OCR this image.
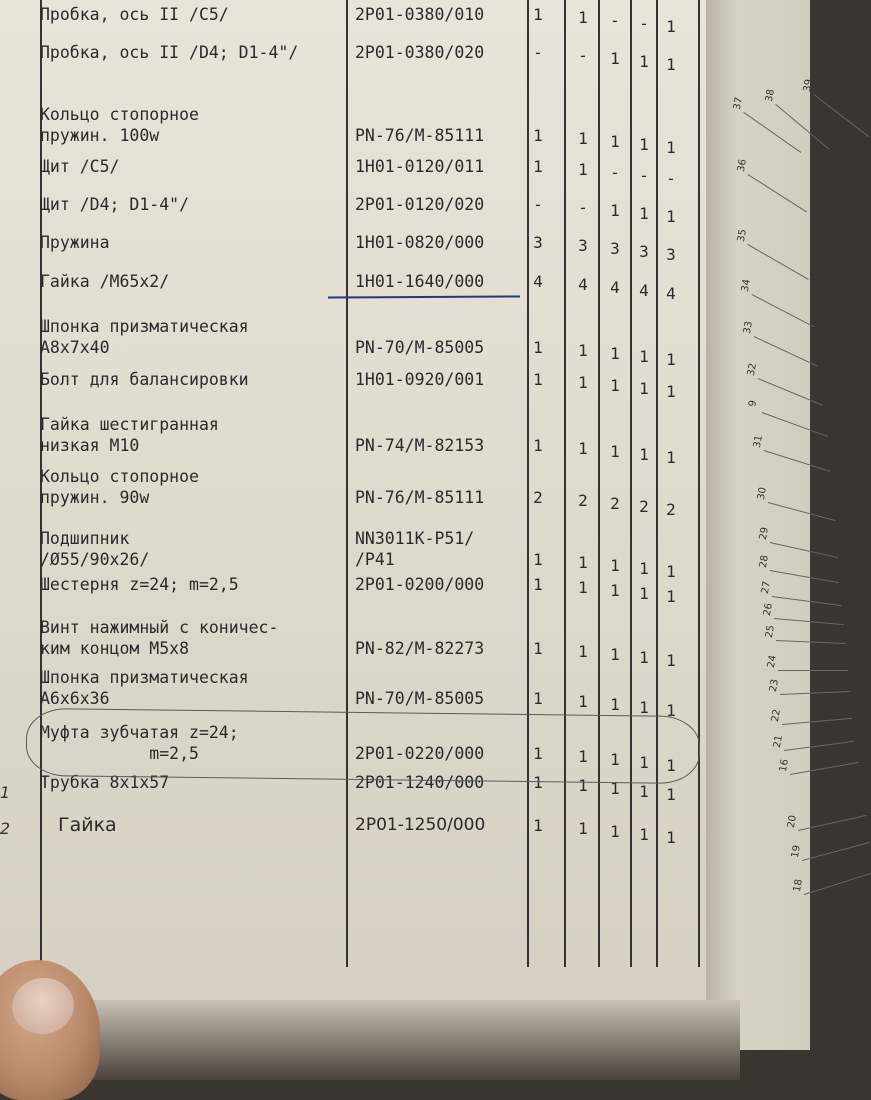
Пробка, ось II /C5/	2P01-0380/010	1	1	-	-	1
Пробка, ось II /D4; D1-4"/	2P01-0380/020	-	-	1	1	1
Кольцо стопорное
пружин. 100w	PN-76/M-85111	1	1	1	1	1
Щит /C5/	1H01-0120/011	1	1	-	-	-
Щит /D4; D1-4"/	2P01-0120/020	-	-	1	1	1
Пружина	1H01-0820/000	3	3	3	3	3
Гайка /M65x2/	1H01-1640/000	4	4	4	4	4
Шпонка призматическая
A8x7x40	PN-70/M-85005	1	1	1	1	1
Болт для балансировки	1H01-0920/001	1	1	1	1	1
Гайка шестигранная
низкая M10	PN-74/M-82153	1	1	1	1	1
Кольцо стопорное
пружин. 90w	PN-76/M-85111	2	2	2	2	2
Подшипник
/Ø55/90x26/
NN3011K-P51/
/P41	1	1	1	1	1
Шестерня z=24; m=2,5	2P01-0200/000	1	1	1	1	1
Винт нажимный с коничес-
ким концом M5x8	PN-82/M-82273	1	1	1	1	1
Шпонка призматическая
A6x6x36	PN-70/M-85005	1	1	1	1	1
Муфта зубчатая z=24;
m=2,5	2P01-0220/000	1	1	1	1	1
Трубка 8x1x57	2P01-1240/000	1	1	1	1	1
Гайка	2P01-1250/000	1	1	1	1	1
1
2
38
39
37
36
35
34
33
32
9
31
30
29
28
27
26
25
24
23
22
21
16
20
19
18
